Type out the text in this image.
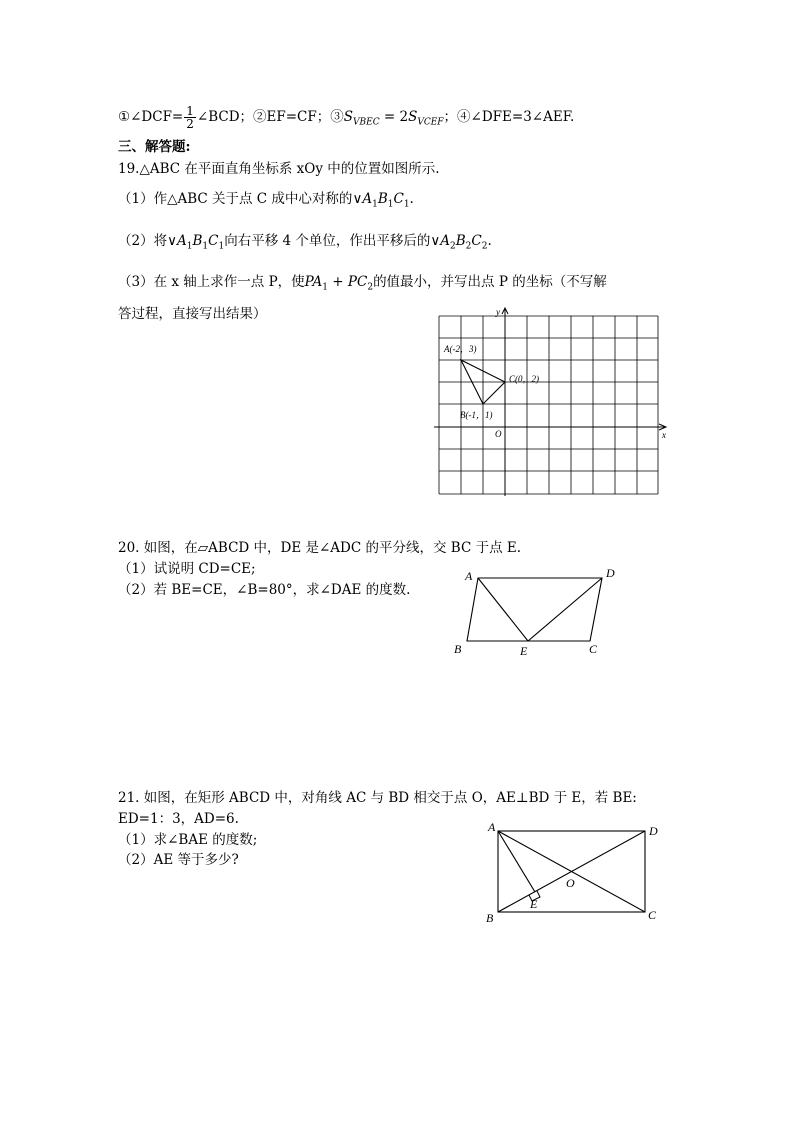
①∠DCF= $\frac{1}{2}$ ∠BCD；②EF=CF；$③S_{VBEC} = 2S_{VCEF}$；④∠DFE=3∠AEF.
三、解答题:
19.△ABC 在平面直角坐标系 xOy 中的位置如图所示.
（1）作△ABC 关于点 C 成中心对称的$\vee A_1B_1C_1$.
（2）将$\vee A_1B_1C_1$向右平移 4 个单位，作出平移后的$\vee A_2B_2C_2$.
（3）在 x 轴上求作一点 P，使$PA_1 + PC_2$的值最小，并写出点 P 的坐标（不写解
答过程，直接写出结果）	y
x
O
A(-2，3)
C(0，2)
B(-1，1)
20. 如图，在▱ABCD 中，DE 是∠ADC 的平分线，交 BC 于点 E.
（1）试说明 CD=CE;
（2）若 BE=CE，∠B=80°，求∠DAE 的度数.
A	D
B	E	C
21. 如图，在矩形 ABCD 中，对角线 AC 与 BD 相交于点 O，AE⊥BD 于 E，若 BE:
ED=1：3，AD=6.
（1）求∠BAE 的度数;
（2）AE 等于多少?
A	D
B	C
E
O
